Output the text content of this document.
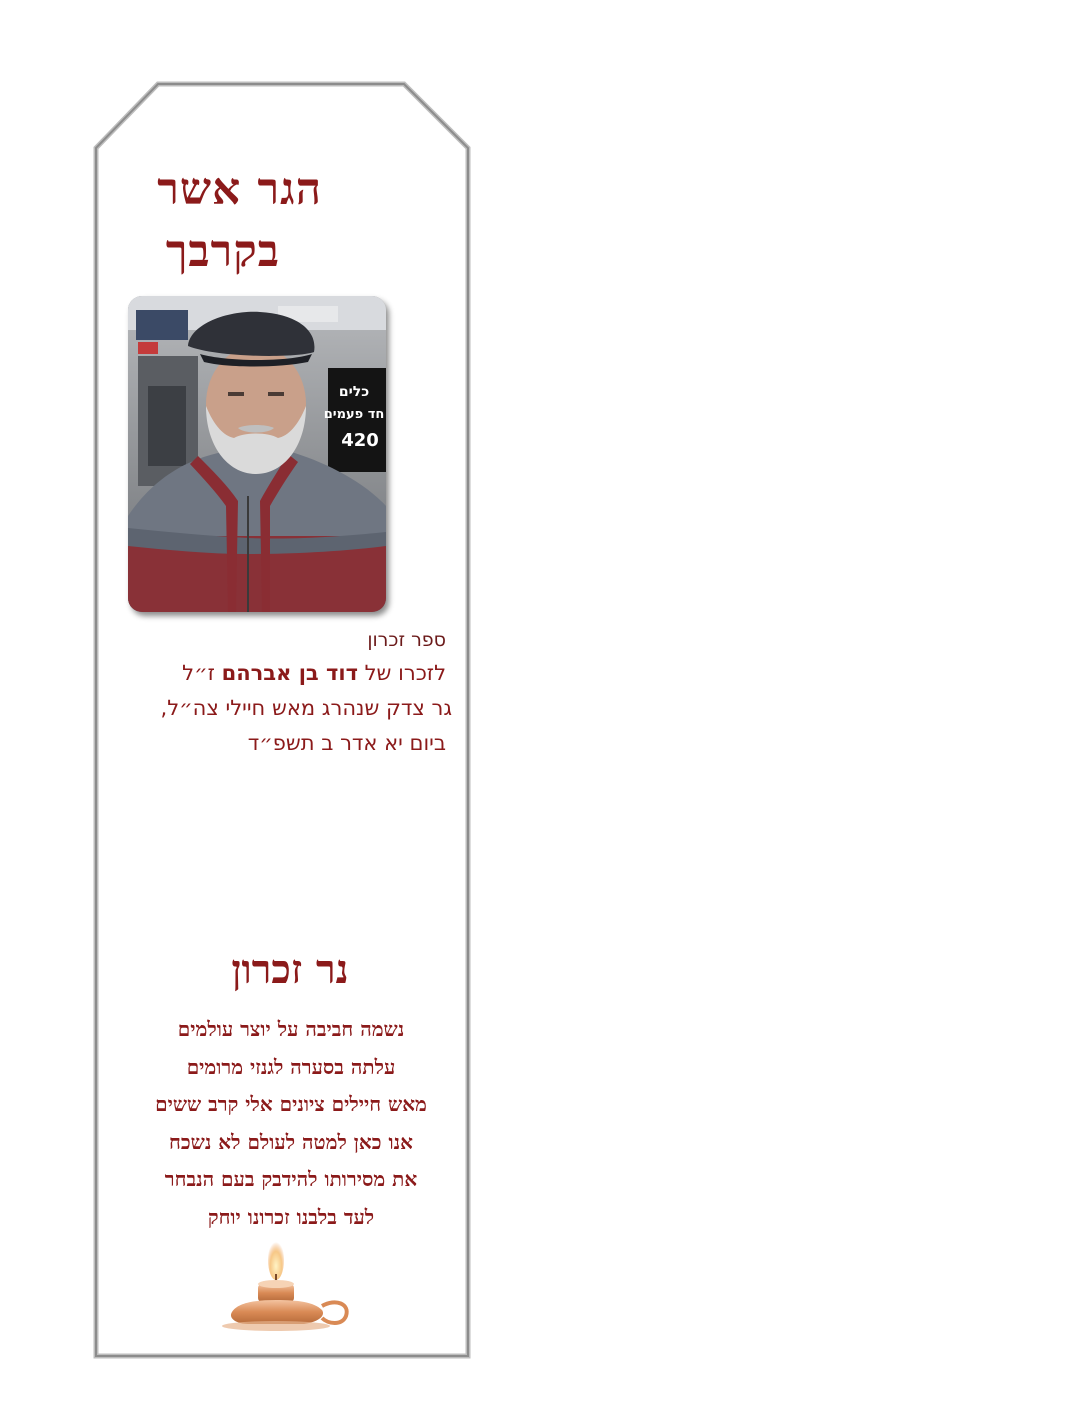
הגר אשר
בקרבך
כלים
חד פעמים
420
ספר זכרון
לזכרו של דוד בן אברהם ז״ל
גר צדק שנהרג מאש חיילי צה״ל,
ביום יא אדר ב תשפ״ד
נר זכרון
נשמה חביבה על יוצר עולמים
עלתה בסערה לגנזי מרומים
מאש חיילים ציונים אלי קרב ששים
אנו כאן למטה לעולם לא נשכח
את מסירותו להידבק בעם הנבחר
לעד בלבנו זכרונו יוחק
